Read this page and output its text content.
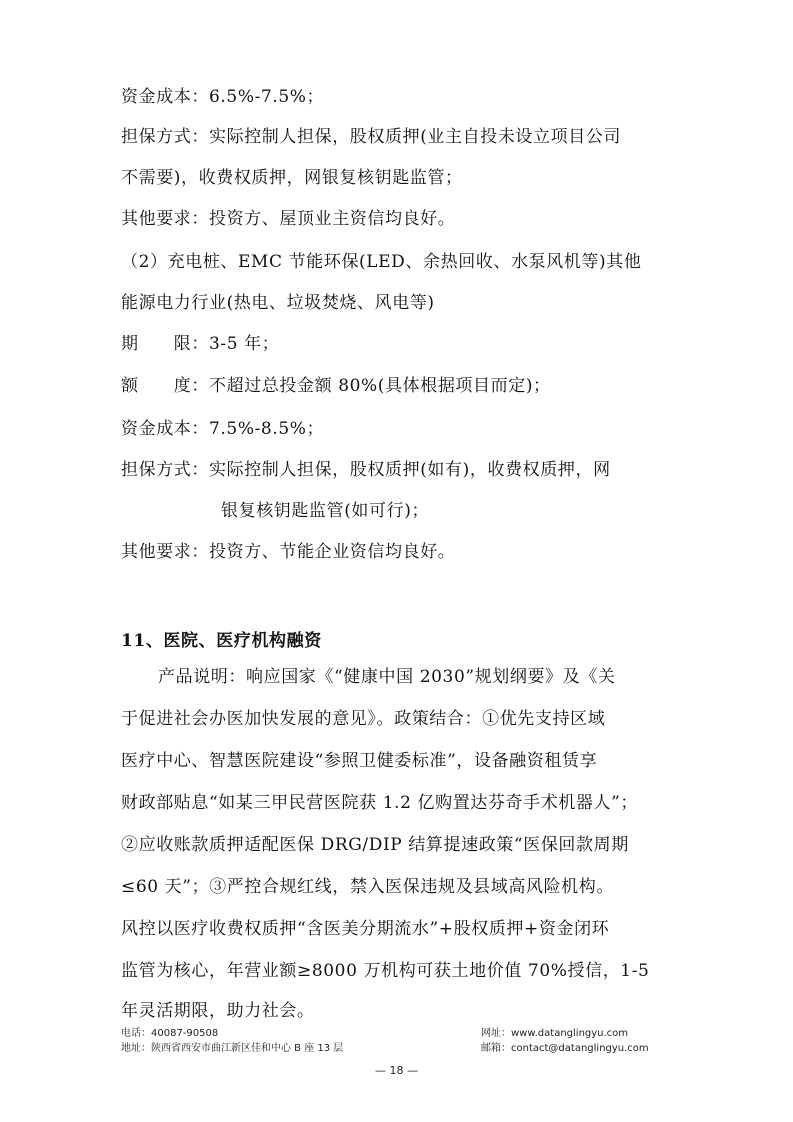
资金成本：6.5%-7.5%；
担保方式：实际控制人担保，股权质押(业主自投未设立项目公司
不需要)，收费权质押，网银复核钥匙监管；
其他要求：投资方、屋顶业主资信均良好。
（2）充电桩、EMC 节能环保(LED、余热回收、水泵风机等)其他
能源电力行业(热电、垃圾焚烧、风电等)
期　　限：3-5 年；
额　　度：不超过总投金额 80%(具体根据项目而定)；
资金成本：7.5%-8.5%；
担保方式：实际控制人担保，股权质押(如有)，收费权质押，网
银复核钥匙监管(如可行)；
其他要求：投资方、节能企业资信均良好。
11、医院、医疗机构融资
产品说明：响应国家《“健康中国 2030”规划纲要》及《关
于促进社会办医加快发展的意见》。政策结合：①优先支持区域
医疗中心、智慧医院建设“参照卫健委标准”，设备融资租赁享
财政部贴息“如某三甲民营医院获 1.2 亿购置达芬奇手术机器人”；
②应收账款质押适配医保 DRG/DIP 结算提速政策“医保回款周期
≤60 天”；③严控合规红线，禁入医保违规及县域高风险机构。
风控以医疗收费权质押“含医美分期流水”+股权质押+资金闭环
监管为核心，年营业额≥8000 万机构可获土地价值 70%授信，1-5
年灵活期限，助力社会。
电话：40087-90508
地址：陕西省西安市曲江新区佳和中心 B 座 13 层
网址：www.datanglingyu.com
邮箱：contact@datanglingyu.com
— 18 —
